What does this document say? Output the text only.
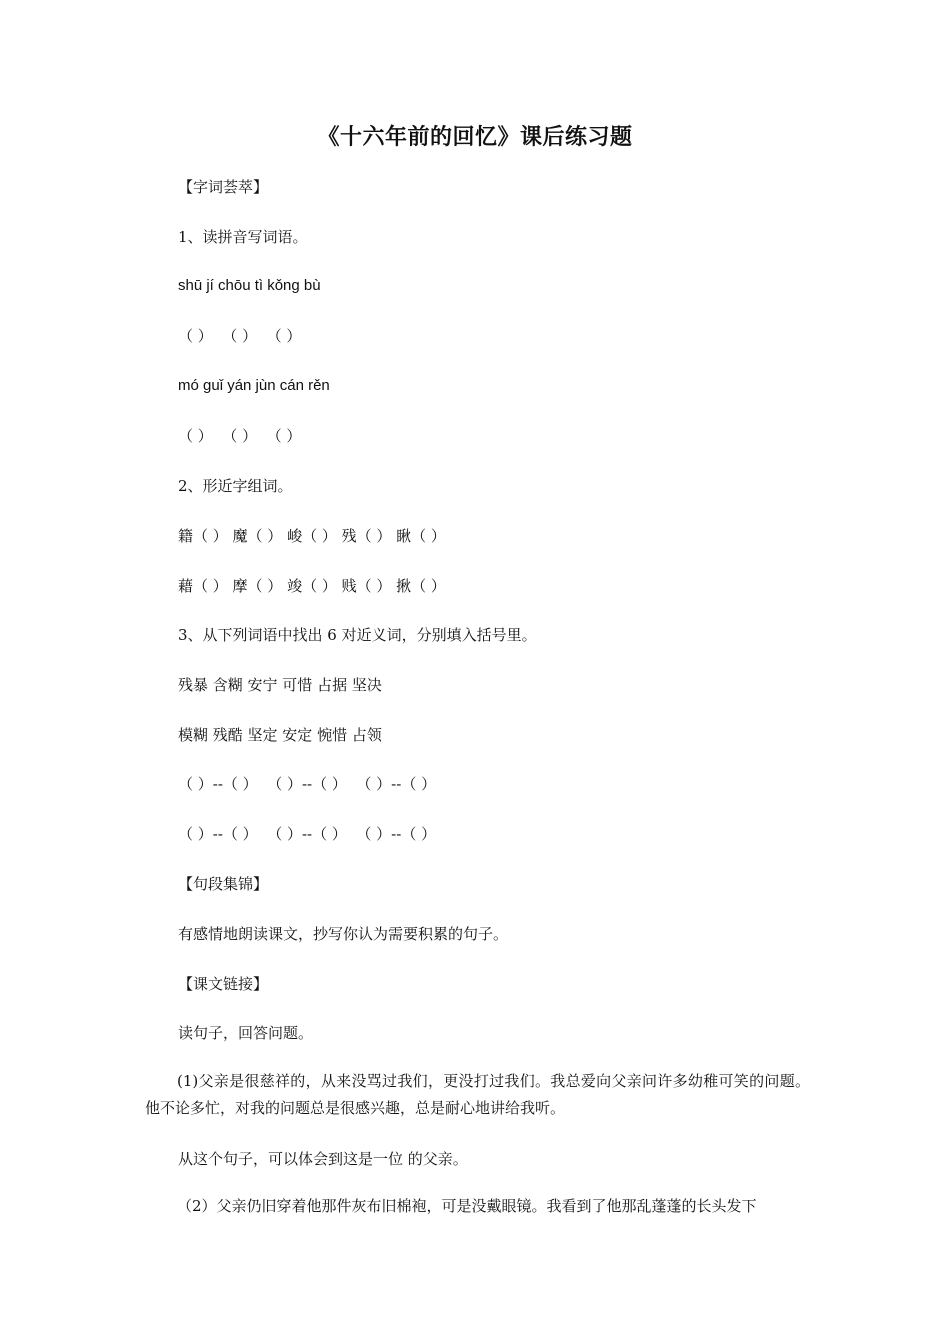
《十六年前的回忆》课后练习题
【字词荟萃】
1、读拼音写词语。
shū jí chōu tì kǒng bù
（ ）  （ ）  （ ）
mó guǐ yán jùn cán rěn
（ ）  （ ）  （ ）
2、形近字组词。
籍（ ） 魔（ ） 峻（ ） 残（ ） 瞅（ ）
藉（ ） 摩（ ） 竣（ ） 贱（ ） 揪（ ）
3、从下列词语中找出 6 对近义词，分别填入括号里。
残暴 含糊 安宁 可惜 占据 坚决
模糊 残酷 坚定 安定 惋惜 占领
（ ）--（ ）  （ ）--（ ）  （ ）--（ ）
（ ）--（ ）  （ ）--（ ）  （ ）--（ ）
【句段集锦】
有感情地朗读课文，抄写你认为需要积累的句子。
【课文链接】
读句子，回答问题。
(1)父亲是很慈祥的，从来没骂过我们，更没打过我们。我总爱向父亲问许多幼稚可笑的问题。他不论多忙，对我的问题总是很感兴趣，总是耐心地讲给我听。
从这个句子，可以体会到这是一位 的父亲。
（2）父亲仍旧穿着他那件灰布旧棉袍，可是没戴眼镜。我看到了他那乱蓬蓬的长头发下
